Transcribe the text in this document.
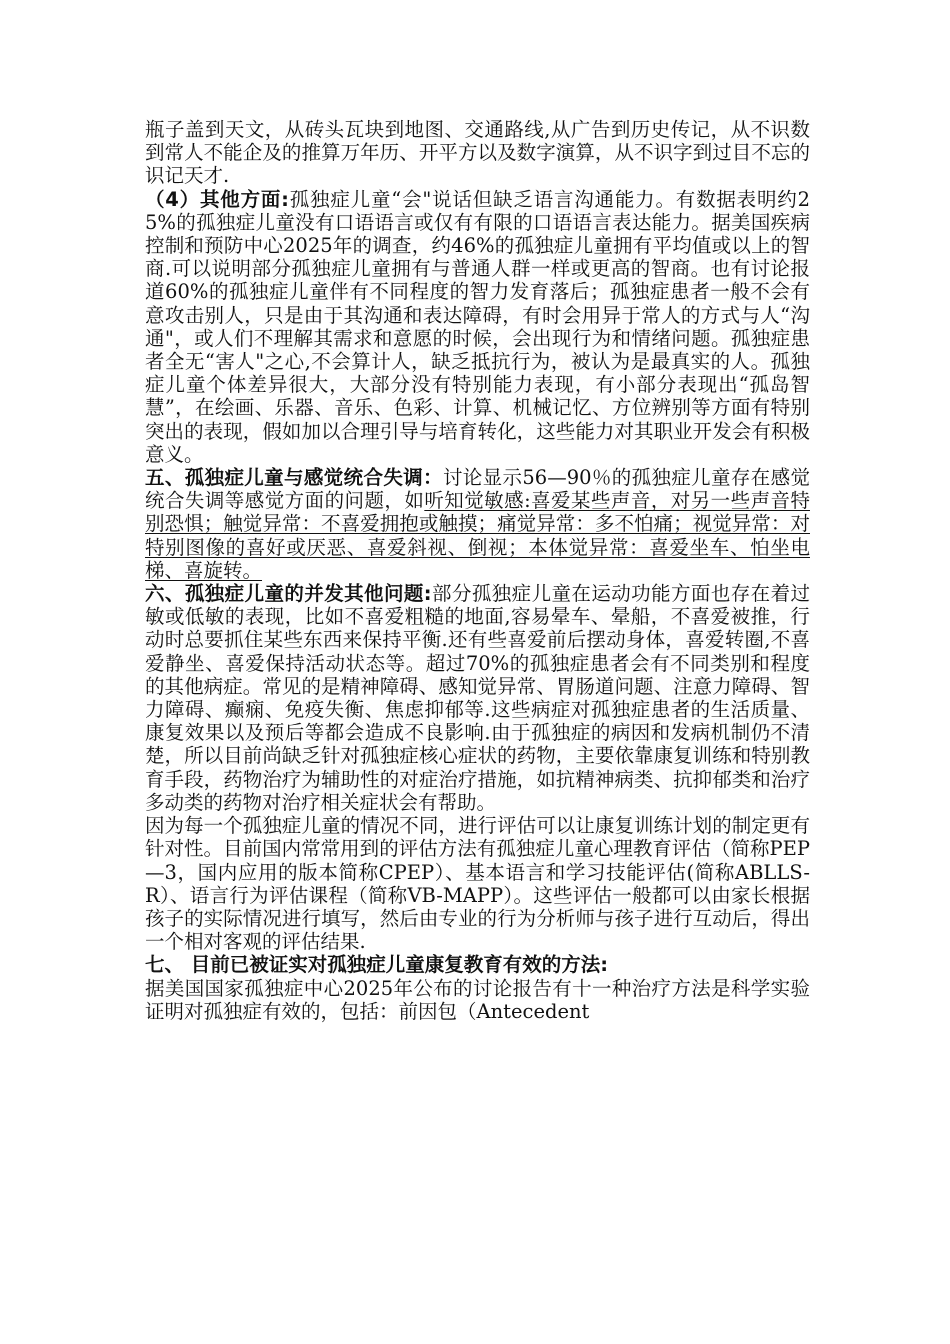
瓶子盖到天文，从砖头瓦块到地图、交通路线,从广告到历史传记，从不识数到常人不能企及的推算万年历、开平方以及数字演算，从不识字到过目不忘的识记天才.

（4）其他方面:孤独症儿童“会"说话但缺乏语言沟通能力。有数据表明约25%的孤独症儿童没有口语语言或仅有有限的口语语言表达能力。据美国疾病控制和预防中心2025年的调查，约46%的孤独症儿童拥有平均值或以上的智商.可以说明部分孤独症儿童拥有与普通人群一样或更高的智商。也有讨论报道60%的孤独症儿童伴有不同程度的智力发育落后；孤独症患者一般不会有意攻击别人，只是由于其沟通和表达障碍，有时会用异于常人的方式与人“沟通"，或人们不理解其需求和意愿的时候，会出现行为和情绪问题。孤独症患者全无“害人"之心,不会算计人，缺乏抵抗行为，被认为是最真实的人。孤独症儿童个体差异很大，大部分没有特别能力表现，有小部分表现出“孤岛智慧”，在绘画、乐器、音乐、色彩、计算、机械记忆、方位辨别等方面有特别突出的表现，假如加以合理引导与培育转化，这些能力对其职业开发会有积极意义。

五、孤独症儿童与感觉统合失调：讨论显示56—90％的孤独症儿童存在感觉统合失调等感觉方面的问题，如听知觉敏感:喜爱某些声音，对另一些声音特别恐惧；触觉异常：不喜爱拥抱或触摸；痛觉异常：多不怕痛；视觉异常：对特别图像的喜好或厌恶、喜爱斜视、倒视；本体觉异常：喜爱坐车、怕坐电梯、喜旋转。

六、孤独症儿童的并发其他问题:部分孤独症儿童在运动功能方面也存在着过敏或低敏的表现，比如不喜爱粗糙的地面,容易晕车、晕船，不喜爱被推，行动时总要抓住某些东西来保持平衡.还有些喜爱前后摆动身体，喜爱转圈,不喜爱静坐、喜爱保持活动状态等。超过70%的孤独症患者会有不同类别和程度的其他病症。常见的是精神障碍、感知觉异常、胃肠道问题、注意力障碍、智力障碍、癫痫、免疫失衡、焦虑抑郁等.这些病症对孤独症患者的生活质量、康复效果以及预后等都会造成不良影响.由于孤独症的病因和发病机制仍不清楚，所以目前尚缺乏针对孤独症核心症状的药物，主要依靠康复训练和特别教育手段，药物治疗为辅助性的对症治疗措施，如抗精神病类、抗抑郁类和治疗多动类的药物对治疗相关症状会有帮助。

因为每一个孤独症儿童的情况不同，进行评估可以让康复训练计划的制定更有针对性。目前国内常常用到的评估方法有孤独症儿童心理教育评估（简称PEP—3，国内应用的版本简称CPEP）、基本语言和学习技能评估(简称ABLLS-R）、语言行为评估课程（简称VB-MAPP）。这些评估一般都可以由家长根据孩子的实际情况进行填写，然后由专业的行为分析师与孩子进行互动后，得出一个相对客观的评估结果.

七、 目前已被证实对孤独症儿童康复教育有效的方法:

据美国国家孤独症中心2025年公布的讨论报告有十一种治疗方法是科学实验证明对孤独症有效的，包括：前因包（Antecedent
